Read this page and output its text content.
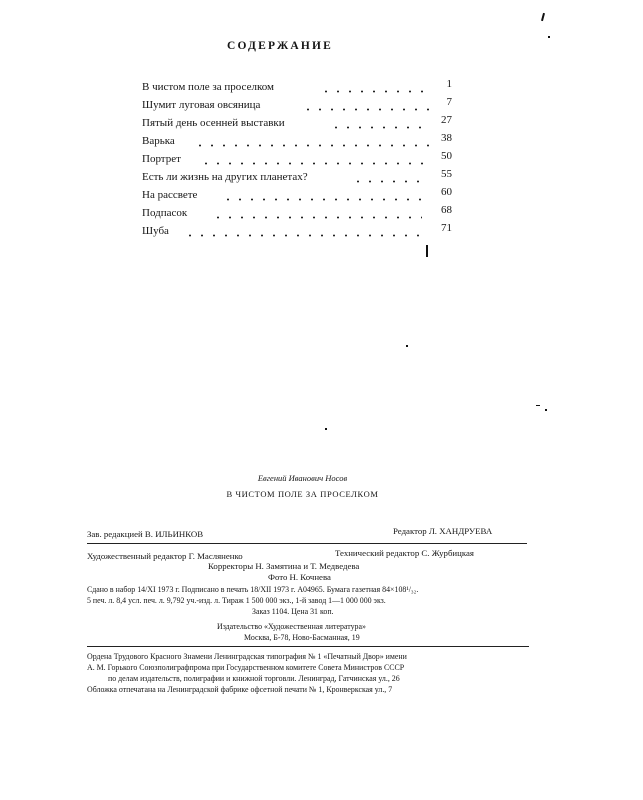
СОДЕРЖАНИЕ
В чистом поле за проселком	1
Шумит луговая овсяница	7
Пятый день осенней выставки	27
Варька	38
Портрет	50
Есть ли жизнь на других планетах?	55
На рассвете	60
Подпасок	68
Шуба	71
Евгений Иванович Носов
В ЧИСТОМ ПОЛЕ ЗА ПРОСЕЛКОМ
Зав. редакцией В. ИЛЬИНКОВ	Редактор Л. ХАНДРУЕВА
Художественный редактор Г. Масляненко	Технический редактор С. Журбицкая
Корректоры Н. Замятина и Т. Медведева
Фото Н. Кочнева
Сдано в набор 14/XI 1973 г. Подписано в печать 18/XII 1973 г. А04965. Бумага газетная 84×108¹/₃₂.
5 печ. л. 8,4 усл. печ. л. 9,792 уч.-изд. л. Тираж 1 500 000 экз., 1-й завод 1—1 000 000 экз.
Заказ 1104. Цена 31 коп.
Издательство «Художественная литература»
Москва, Б-78, Ново-Басманная, 19
Ордена Трудового Красного Знамени Ленинградская типография № 1 «Печатный Двор» имени
А. М. Горького Союзполиграфпрома при Государственном комитете Совета Министров СССР
по делам издательств, полиграфии и книжной торговли. Ленинград, Гатчинская ул., 26
Обложка отпечатана на Ленинградской фабрике офсетной печати № 1, Кронверкская ул., 7
